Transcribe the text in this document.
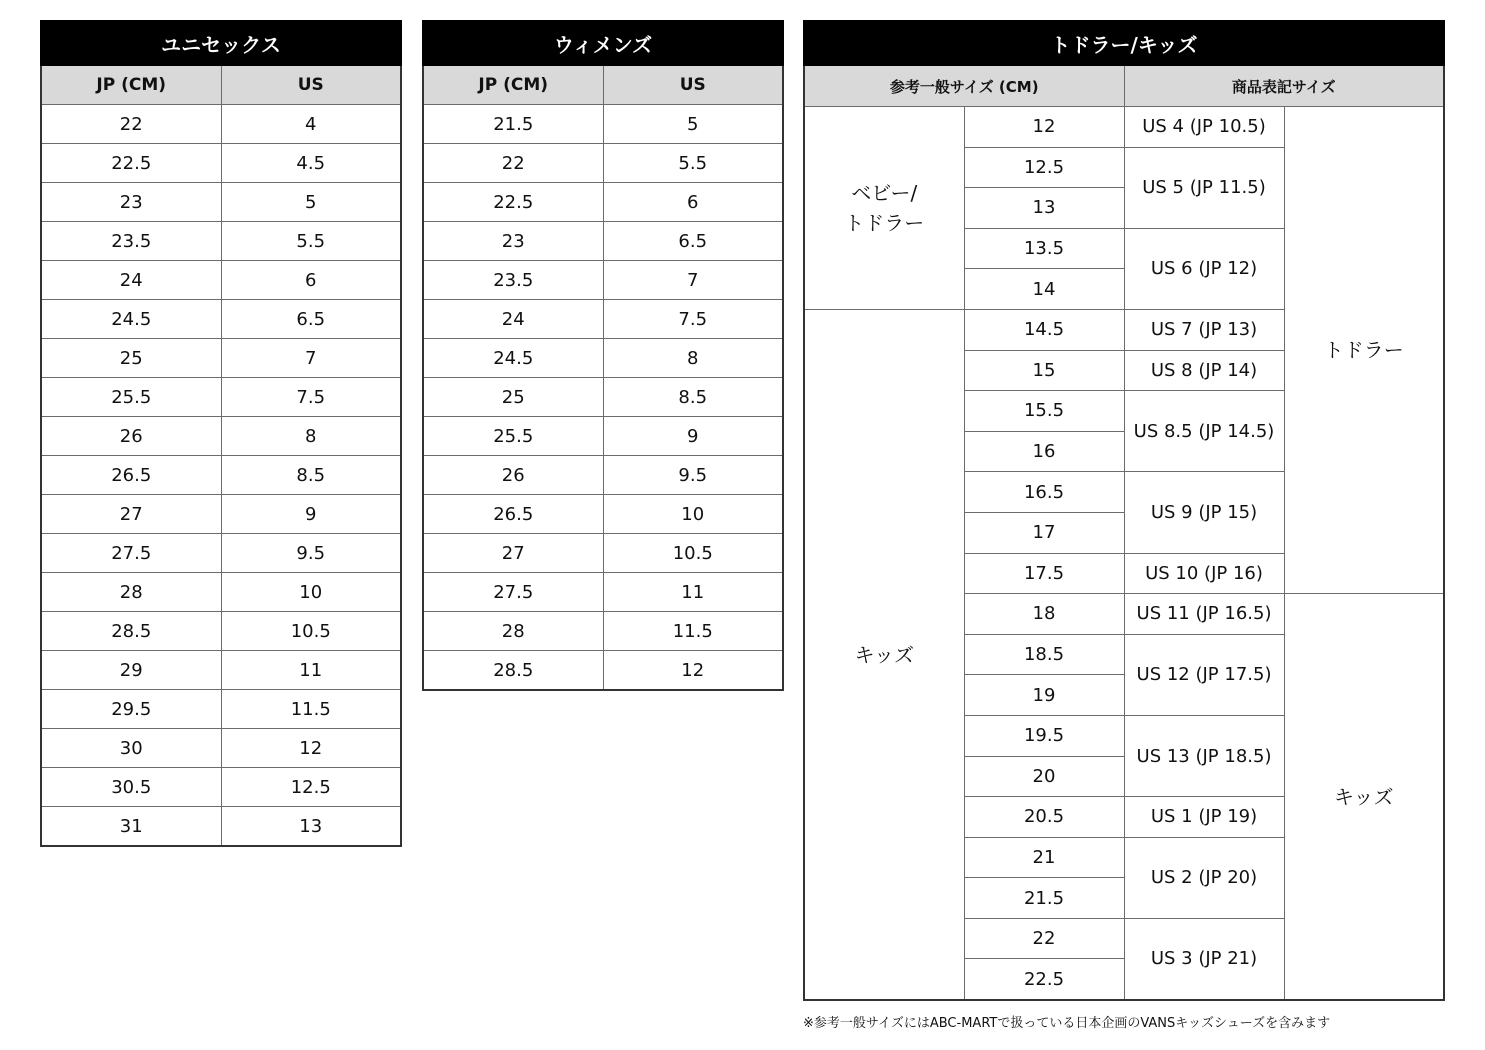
ユニセックス	
JP (CM)	US
22	4
22.5	4.5
23	5
23.5	5.5
24	6
24.5	6.5
25	7
25.5	7.5
26	8
26.5	8.5
27	9
27.5	9.5
28	10
28.5	10.5
29	11
29.5	11.5
30	12
30.5	12.5
31	13
ウィメンズ	
JP (CM)	US
21.5	5
22	5.5
22.5	6
23	6.5
23.5	7
24	7.5
24.5	8
25	8.5
25.5	9
26	9.5
26.5	10
27	10.5
27.5	11
28	11.5
28.5	12
トドラー/キッズ			
参考一般サイズ (CM)		商品表記サイズ	
ベビー/
トドラー	12	US 4 (JP 10.5)	トドラー
	12.5	US 5 (JP 11.5)	
	13		
	13.5	US 6 (JP 12)	
	14		
キッズ	14.5	US 7 (JP 13)	
	15	US 8 (JP 14)	
	15.5	US 8.5 (JP 14.5)	
	16		
	16.5	US 9 (JP 15)	
	17		
	17.5	US 10 (JP 16)	
	18	US 11 (JP 16.5)	キッズ
	18.5	US 12 (JP 17.5)	
	19		
	19.5	US 13 (JP 18.5)	
	20		
	20.5	US 1 (JP 19)	
	21	US 2 (JP 20)	
	21.5		
	22	US 3 (JP 21)	
	22.5		
※参考一般サイズにはABC-MARTで扱っている日本企画のVANSキッズシューズを含みます
